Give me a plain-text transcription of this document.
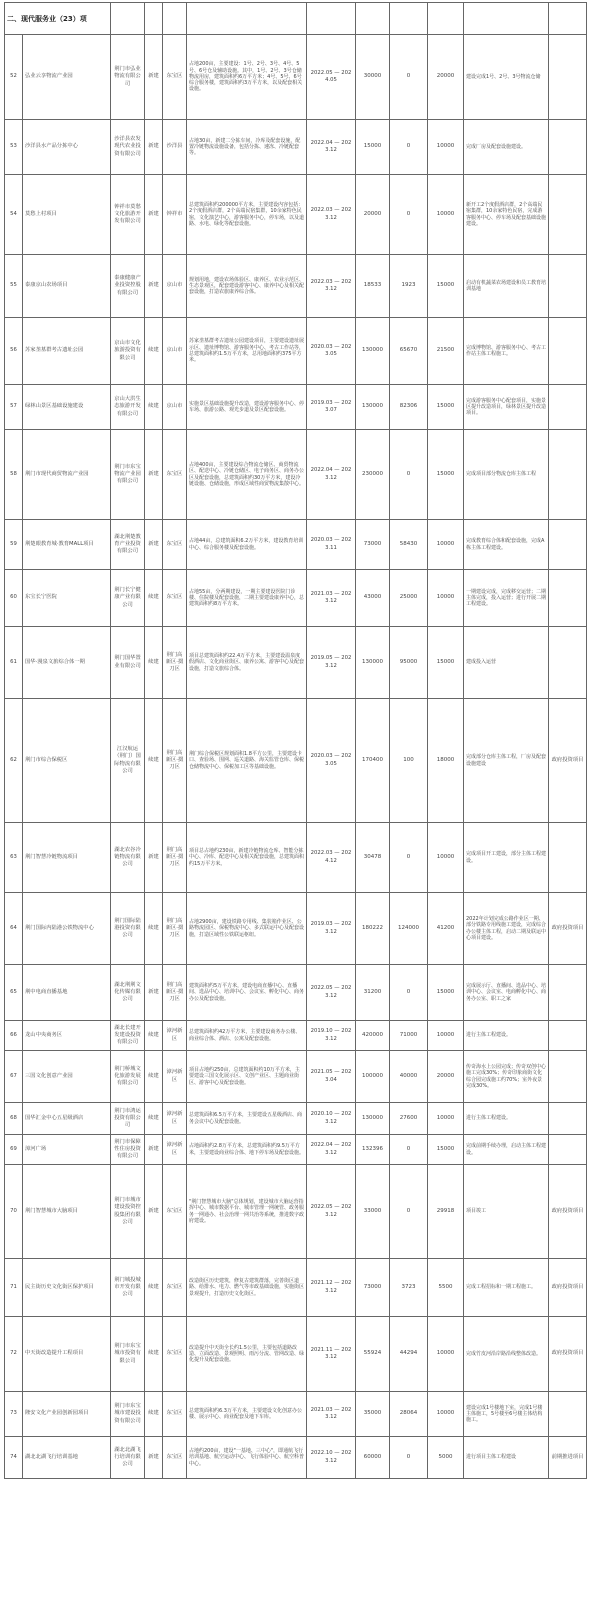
二、现代服务业（23）项											
52	弘业云享物流产业园	荆门市弘业物流有限公司	新建	东宝区	占地200亩，主要建设：1号、2号、3号、4号、5号、6号仓及辅助设施。其中，1号、2号、3号仓储物流用房，建筑面积约6万平方米；4号、5号、6号综合服务楼，建筑面积约3万平方米，以及配套相关设施。	2022.05 — 2024.05	30000	0	20000	建设完成1号、2号、3号物流仓储	
53	沙洋县水产品分拣中心	沙洋县农发现代农业投资有限公司	新建	沙洋县	占地30亩，新建二分拣车间，冷库及配套设施，配置冷链物流设施设备，包括分拣、速冻、冷链配套等。	2022.04 — 2023.12	15000	0	10000	完成厂房及配套设施建设。	
54	莫愁上村项目	钟祥市莫愁文化旅游开发有限公司	新建	钟祥市	总建筑面积约200000平方米，主要建设内容包括：2个度假酒店群，2个高端民宿集群，10余家特色民宿，文化演艺中心，游客服务中心，停车场，以及道路、水电、绿化等配套设施。	2022.03 — 2023.12	20000	0	10000	新开工2个度假酒店群，2个高端民宿集群，10余家特色民宿，完成游客服务中心、停车场及配套基础设施建设。	
55	泰康京山农场项目	泰康健康产业投资控股有限公司	新建	京山市	规划用地，建设农场体验区、康养区、农业示范区、生态景观区，配套建设游客中心、康养中心及相关配套设施，打造农旅康养综合体。	2022.03 — 2023.12	18533	1923	15000	启动有机蔬菜农场建设和员工教育培训基地	
56	苏家垄墓群考古遗址公园	京山市文化旅游投资有限公司	续建	京山市	苏家垄墓群考古遗址公园建设项目，主要建设遗址展示区、遗址博物馆、游客服务中心、考古工作站等，总建筑面积约1.5万平方米，总用地面积约375平方米。	2020.03 — 2023.05	130000	65670	21500	完成博物馆、游客服务中心、考古工作站主体工程施工。	
57	绿林山景区基础设施建设	京山大洪生态旅游开发有限公司	续建	京山市	实施景区基础设施提升改造，建设游客服务中心、停车场、旅游公路、观光步道及景区配套设施。	2019.03 — 2023.07	130000	82306	15000	完成游客服务中心配套项目，实施景区提升改造项目，绿林景区提升改造项目。	
58	荆门市现代商贸物流产业园	荆门市东宝物流产业园有限公司	新建	东宝区	占地400亩，主要建设综合物流仓储区、商贸物流区、配送中心、冷链仓储区、电子商务区、商务办公区及配套设施，总建筑面积约30万平方米，建设冷链设施、仓储设施，形成区域性商贸物流集散中心。	2022.04 — 2023.12	230000	0	15000	完成项目部分物流仓库主体工程	
59	荆楚眼教育城·教育MALL项目	湖北荆楚教育产业投资有限公司	新建	东宝区	占地44亩，总建筑面积6.2万平方米，建设教育培训中心、综合服务楼及配套设施。	2020.03 — 2023.11	73000	58430	10000	完成教育综合体和配套设施，完成A栋主体工程建设。	
60	东宝长宁医院	荆门长宁健康产业有限公司	续建	东宝区	占地55亩，分两期建设，一期主要建设医院门诊楼、住院楼及配套设施，二期主要建设康养中心，总建筑面积约8万平方米。	2021.03 — 2023.12	43000	25000	10000	一期建设完成，完成移交运营；二期主体完成，投入运营；进行开展二期工程建设。	
61	国华·漫泉文旅综合体一期	荆门国华置业有限公司	续建	荆门高新区·掇刀区	项目总建筑面积约22.4万平方米，主要建设温泉度假酒店、文化商业街区、康养公寓、游客中心及配套设施，打造文旅综合体。	2019.05 — 2023.12	130000	95000	15000	建成投入运营	
62	荆门市综合保税区	江汉航运（荆门）国际物流有限公司	续建	荆门高新区·掇刀区	荆门综合保税区规划面积1.8平方公里，主要建设卡口、查验场、围网、巡关道路、海关监管仓库、保税仓储物流中心、保税加工区等基础设施。	2020.03 — 2023.05	170400	100	18000	完成部分仓库主体工程，厂房及配套设施建设	政府投资项目
63	荆门智慧冷链物流项目	湖北农谷冷链物流有限公司	新建	荆门高新区·掇刀区	项目总占地约230亩，新建冷链物流仓库、智能分拣中心、冷库、配送中心及相关配套设施，总建筑面积约15万平方米。	2022.03 — 2024.12	30478	0	10000	完成项目开工建设，部分主体工程建设。	
64	荆门国际内陆港公铁物流中心	荆门国际陆港投资有限公司	续建	荆门高新区·掇刀区	占地2900亩，建设铁路专用线、集装箱作业区、公路物流园区、保税物流中心、多式联运中心及配套设施，打造区域性公铁联运枢纽。	2019.03 — 2023.12	180222	124000	41200	2022年计划完成公路作业区一期、部分铁路专用线施工建设，完成综合办公楼主体工程，启动二期及联运中心项目建设。	政府投资项目
65	荆中电商直播基地	湖北荆荆文化传媒有限公司	新建	荆门高新区·掇刀区	建筑面积约5万平方米，建设电商直播中心、直播间、选品中心、培训中心、会议室、孵化中心、商务办公及配套设施。	2022.05 — 2023.12	31200	0	15000	完成展示厅、直播间、选品中心、培训中心、会议室、电商孵化中心、商务办公室、职工之家	
66	龙山中央商务区	湖北长建开发建设投资有限公司	续建	漳河新区	总建筑面积约42万平方米，主要建设商务办公楼、商业综合体、酒店、公寓及配套设施。	2019.10 — 2023.12	420000	71000	10000	进行主体工程建设。	
67	三国文化创意产业园	荆门桥城文化旅游发展有限公司	续建	漳河新区	项目占地约250亩，总建筑面积约10万平方米，主要建设三国文化展示区、文创产业区、主题商业街区、游客中心及配套设施。	2021.05 — 2023.04	100000	40000	20000	传奇海水上公园完成；传奇双创中心施工完成30%；传奇印象商街文化综合园完成施工约70%；室外夜景完成30%。	
68	国华汇金中心五星级酒店	荆门市鸿运投资有限公司	续建	漳河新区	总建筑面积6.5万平方米，主要建设五星级酒店、商务会议中心及配套设施。	2020.10 — 2023.12	130000	27600	10000	进行主体工程建设。	
69	漳河广场	荆门市保障性住房投资有限公司	新建	漳河新区	占地面积约2.8万平方米，总建筑面积约9.5万平方米，主要建设商业综合体、地下停车场及配套设施。	2022.04 — 2023.12	132396	0	15000	完成前期手续办理，启动主体工程建设。	
70	荆门智慧城市大脑项目	荆门市城市建设投资控股集团有限公司	新建	东宝区	"荆门智慧城市大脑"总体规划，建设城市大脑运营指挥中心、城市数据平台、城市管理一网统管、政务服务一网通办、社会治理一网共治等系统，推进数字政府建设。	2022.05 — 2023.12	33000	0	29918	项目竣工	政府投资项目
71	民主街历史文化街区保护项目	荆门城投城市开发有限公司	续建	东宝区	改造街区历史建筑，修复古建筑群落，完善街区道路、给排水、电力、燃气等市政基础设施，实施街区景观提升，打造历史文化街区。	2021.12 — 2023.12	73000	3723	5500	完成工程招标和一期工程施工。	政府投资项目
72	中天街改造提升工程项目	荆门市东宝城市投资有限公司	续建	东宝区	改造提升中天街全长约1.5公里，主要包括道路改造、立面改造、景观照明、雨污分流、管网改造、绿化提升及配套设施。	2021.11 — 2023.12	55924	44294	10000	完成竹皮河沿岸路沿线整体改造。	政府投资项目
73	隆安文化产业园创新园项目	荆门市东宝城市建设投资有限公司	续建	东宝区	总建筑面积约6.3万平方米，主要建设文化创意办公楼、展示中心、商业配套及地下车库。	2021.03 — 2023.12	35000	28064	10000	建设完成1号楼地下室，完成1号楼主体施工，5号楼至6号楼主体结构施工。	
74	湖北北湖飞行培训基地	湖北北湖飞行培训有限公司	新建	东宝区	占地约200亩，建设"一基地、三中心"，即通航飞行培训基地、航空运动中心、飞行体验中心、航空科普中心。	2022.10 — 2023.12	60000	0	5000	进行项目主体工程建设	前期推进项目
